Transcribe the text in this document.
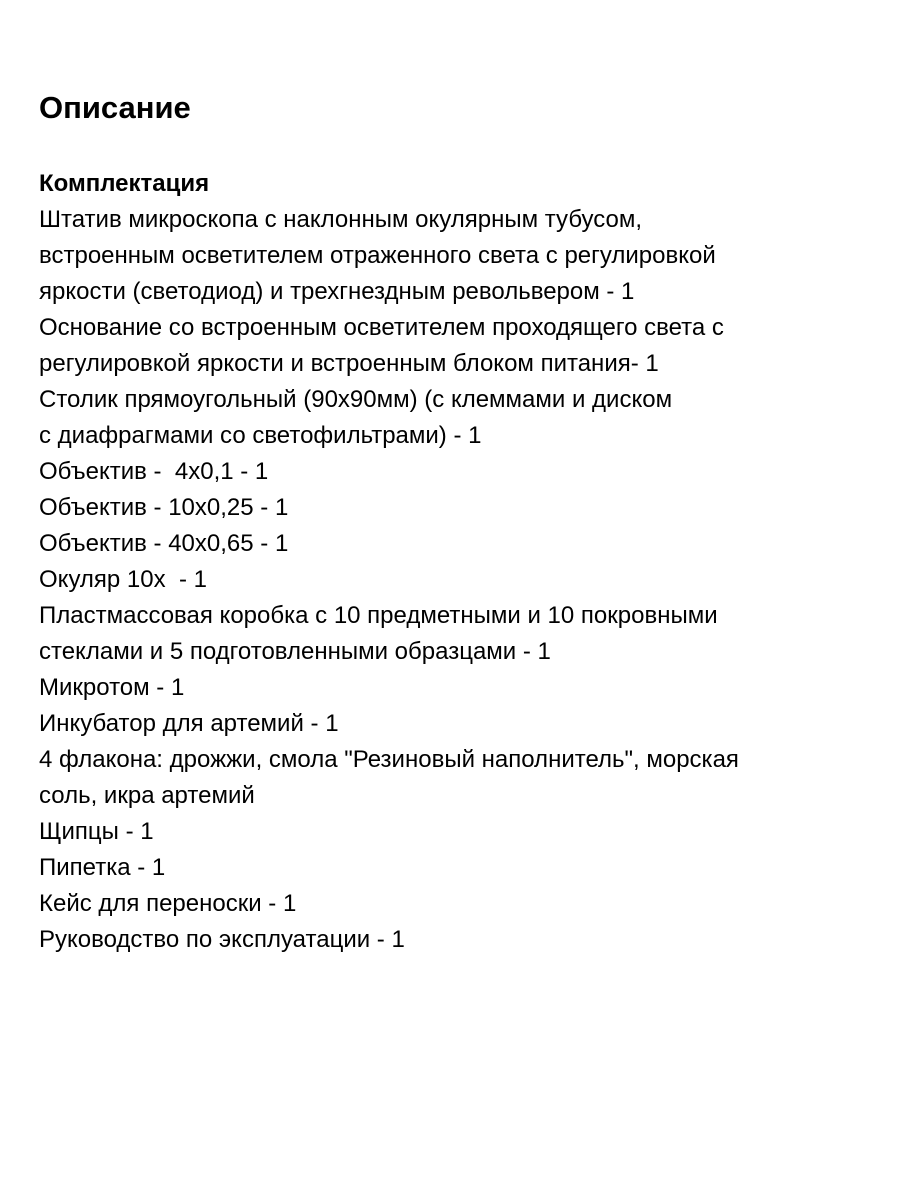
Описание
Комплектация
Штатив микроскопа с наклонным окулярным тубусом,
встроенным осветителем отраженного света с регулировкой
яркости (светодиод) и трехгнездным револьвером - 1
Основание со встроенным осветителем проходящего света с
регулировкой яркости и встроенным блоком питания- 1
Столик прямоугольный (90х90мм) (с клеммами и диском
с диафрагмами со светофильтрами) - 1
Объектив -  4х0,1 - 1
Объектив - 10х0,25 - 1
Объектив - 40х0,65 - 1
Окуляр 10х  - 1
Пластмассовая коробка с 10 предметными и 10 покровными
стеклами и 5 подготовленными образцами - 1
Микротом - 1
Инкубатор для артемий - 1
4 флакона: дрожжи, смола "Резиновый наполнитель", морская
соль, икра артемий
Щипцы - 1
Пипетка - 1
Кейс для переноски - 1
Руководство по эксплуатации - 1
